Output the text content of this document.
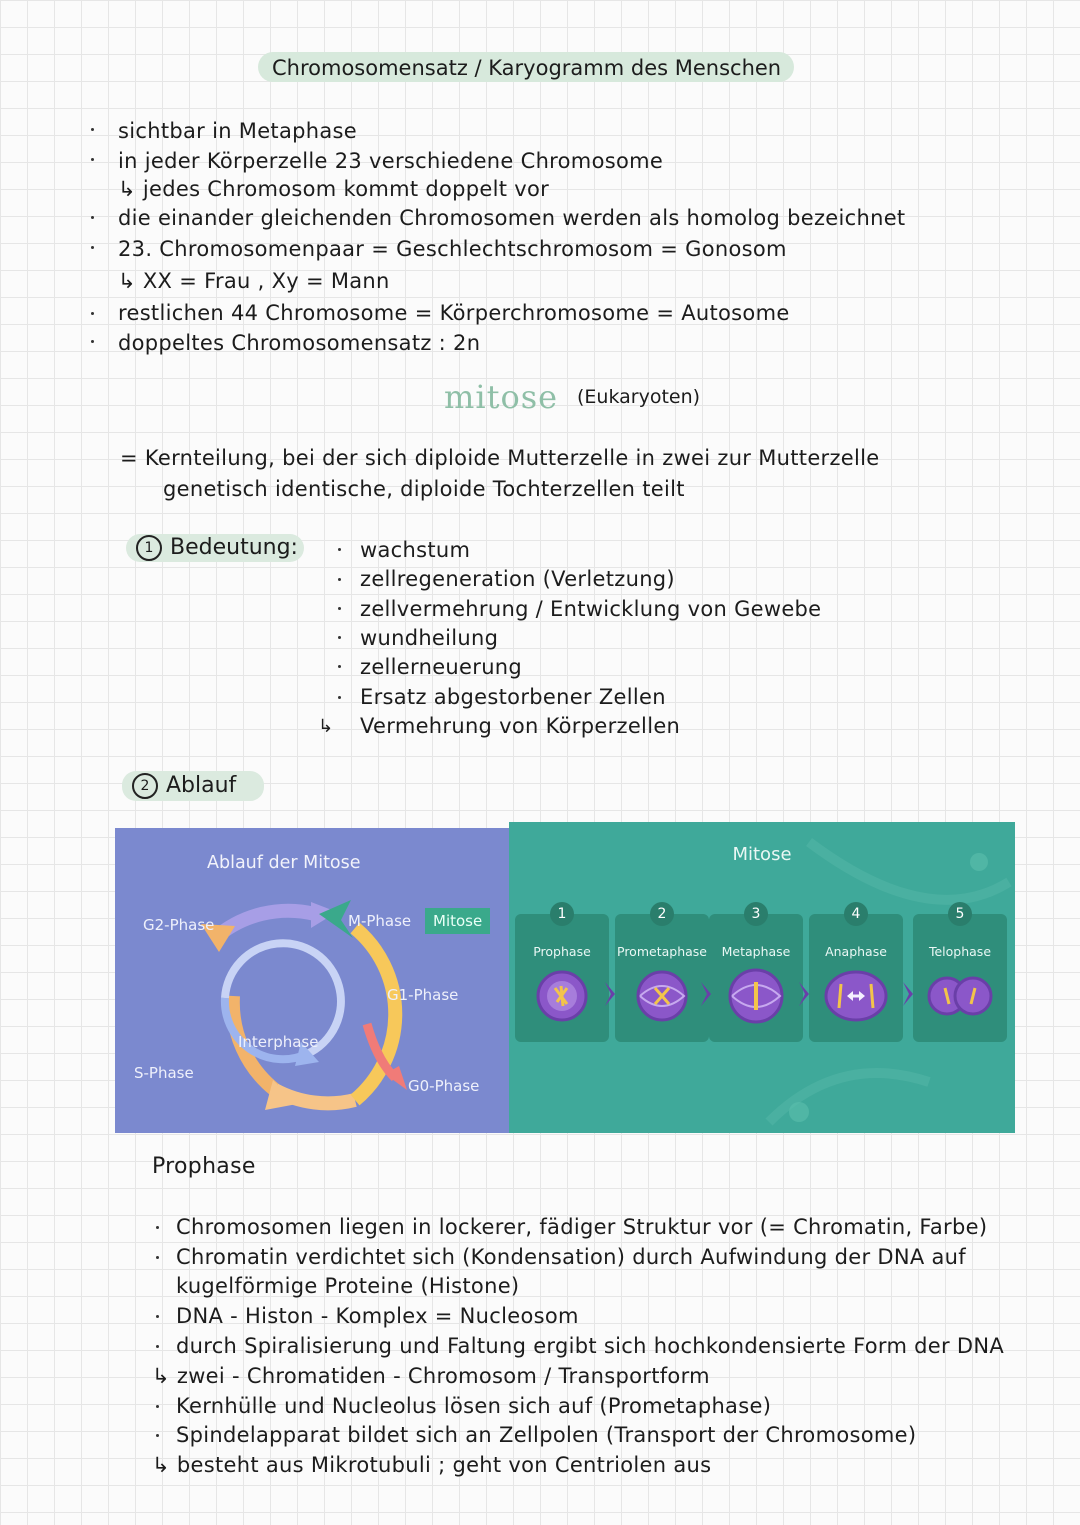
Chromosomensatz / Karyogramm des Menschen
sichtbar in Metaphase
in jeder Körperzelle 23 verschiedene Chromosome
↳ jedes Chromosom kommt doppelt vor
die einander gleichenden Chromosomen werden als homolog bezeichnet
23. Chromosomenpaar = Geschlechtschromosom = Gonosom
↳ XX = Frau , Xy = Mann
restlichen 44 Chromosome = Körperchromosome = Autosome
doppeltes Chromosomensatz : 2n
mitose (Eukaryoten)
= Kernteilung, bei der sich diploide Mutterzelle in zwei zur Mutterzelle
genetisch identische, diploide Tochterzellen teilt
1 Bedeutung:
↳
wachstum
zellregeneration (Verletzung)
zellvermehrung / Entwicklung von Gewebe
wundheilung
zellerneuerung
Ersatz abgestorbener Zellen
Vermehrung von Körperzellen
2 Ablauf
Ablauf der Mitose
G2-Phase	M-Phase	Mitose
G1-Phase
Interphase
S-Phase
G0-Phase
Mitose
1
Prophase
2
Prometaphase
3
Metaphase
4
Anaphase
5
Telophase
Prophase
Chromosomen liegen in lockerer, fädiger Struktur vor (= Chromatin, Farbe)
Chromatin verdichtet sich (Kondensation) durch Aufwindung der DNA auf
kugelförmige Proteine (Histone)
DNA - Histon - Komplex = Nucleosom
durch Spiralisierung und Faltung ergibt sich hochkondensierte Form der DNA
↳ zwei - Chromatiden - Chromosom / Transportform
Kernhülle und Nucleolus lösen sich auf (Prometaphase)
Spindelapparat bildet sich an Zellpolen (Transport der Chromosome)
↳ besteht aus Mikrotubuli ; geht von Centriolen aus
